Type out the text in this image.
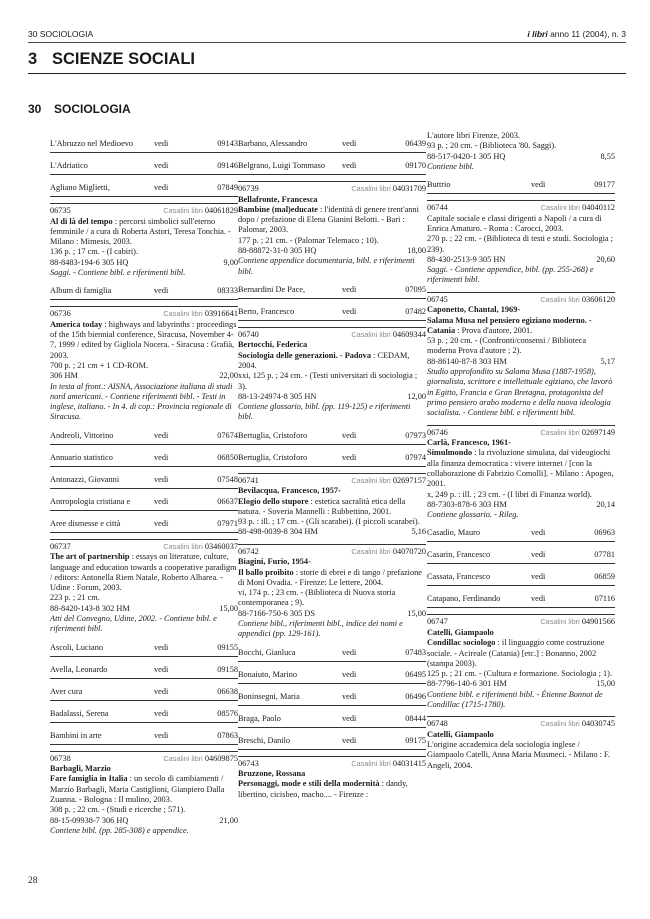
30 SOCIOLOGIA	i libri anno 11 (2004), n. 3
3 SCIENZE SOCIALI
30 SOCIOLOGIA
L'Abruzzo nel Medioevo	vedi	09143
L'Adriatico	vedi	09146
Agliano Miglietti,	vedi	07849
06735	Casalini libri 04061829
Al di là del tempo : percorsi simbolici sull'eterno femminile / a cura di Roberta Astori, Teresa Tonchia. - Milano : Mimesis, 2003.
136 p. ; 17 cm. - (I cabiri).
88-8483-194-6 305 HQ	9,00
Saggi. - Contiene bibl. e riferimenti bibl.
Album di famiglia	vedi	08333
06736	Casalini libri 03916641
America today : highways and labyrinths : proceedings of the 15th biennial conference, Siracusa, November 4-7, 1999 / edited by Gigliola Nocera. - Siracusa : Grafià, 2003.
700 p. ; 21 cm + 1 CD-ROM.
306 HM	22,00
In testa al front.: AISNA, Associazione italiana di studi nord americani. - Contiene riferimenti bibl. - Testi in inglese, italiano. - In 4. di cop.: Provincia regionale di Siracusa.
Andreoli, Vittorino	vedi	07674
Annuario statistico	vedi	06850
Antonazzi, Giovanni	vedi	07548
Antropologia cristiana e	vedi	06637
Aree dismesse e città	vedi	07971
06737	Casalini libri 03460037
The art of partnership : essays on literature, culture, language and education towards a cooperative paradigm / editors: Antonella Riem Natale, Roberto Albarea. - Udine : Forum, 2003.
223 p. ; 21 cm.
88-8420-143-8 302 HM	15,00
Atti del Convegno, Udine, 2002. - Contiene bibl. e riferimenti bibl.
Ascoli, Luciano	vedi	09155
Avella, Leonardo	vedi	09158
Aver cura	vedi	06638
Badalassi, Serena	vedi	08576
Bambini in arte	vedi	07863
06738	Casalini libri 04609875
Barbagli, Marzio
Fare famiglia in Italia : un secolo di cambiamenti / Marzio Barbagli, Maria Castiglioni, Gianpiero Dalla Zuanna. - Bologna : Il mulino, 2003.
308 p. ; 22 cm. - (Studi e ricerche ; 571).
88-15-09938-7 306 HQ	21,00
Contiene bibl. (pp. 285-308) e appendice.
Barbano, Alessandro	vedi	06439
Belgrano, Luigi Tommaso vedi	09170
06739	Casalini libri 04031709
Bellafronte, Francesca
Bambine (mal)educate : l'identità di genere trent'anni dopo / prefazione di Elena Gianini Belotti. - Bari : Palomar, 2003.
177 p. ; 21 cm. - (Palomar Telemaco ; 10).
88-88872-31-0 305 HQ	18,00
Contiene appendice documentaria, bibl. e riferimenti bibl.
Bernardini De Pace,	vedi	07095
Berto, Francesco	vedi	07482
06740	Casalini libri 04609344
Bertocchi, Federica
Sociologia delle generazioni. - Padova : CEDAM, 2004.
xxi, 125 p. ; 24 cm. - (Testi universitari di sociologia ; 3).
88-13-24974-8 305 HN	12,00
Contiene glossario, bibl. (pp. 119-125) e riferimenti bibl.
Bertuglia, Cristoforo	vedi	07973
Bertuglia, Cristoforo	vedi	07974
06741	Casalini libri 02697157
Bevilacqua, Francesco, 1957-
Elogio dello stupore : estetica sacralità etica della natura. - Soveria Mannelli : Rubbettino, 2001.
93 p. : ill. ; 17 cm. - (Gli scarabei). (I piccoli scarabei).
88-498-0039-8 304 HM	5,16
06742	Casalini libri 04070720
Biagini, Furio, 1954-
Il ballo proibito : storie di ebrei e di tango / prefazione di Moni Ovadia. - Firenze: Le lettere, 2004.
vi, 174 p. ; 23 cm. - (Biblioteca di Nuova storia contemporanea ; 9).
88-7166-750-6 305 DS	15,00
Contiene bibl., riferimenti bibl., indice dei nomi e appendici (pp. 129-161).
Bocchi, Gianluca	vedi	07483
Bonaiuto, Marino	vedi	06495
Boninsegni, Maria	vedi	06496
Braga, Paolo	vedi	08444
Breschi, Danilo	vedi	09175
06743	Casalini libri 04031415
Bruzzone, Rossana
Personaggi, mode e stili della modernità : dandy, libertino, cicisbeo, macho.... - Firenze :
L'autore libri Firenze, 2003.
93 p. ; 20 cm. - (Biblioteca '80. Saggi).
88-517-0420-1 305 HQ	8,55
Contiene bibl.
Buttrio	vedi	09177
06744	Casalini libri 04040112
Capitale sociale e classi dirigenti a Napoli / a cura di Enrica Amaturo. - Roma : Carocci, 2003.
270 p. ; 22 cm. - (Biblioteca di testi e studi. Sociologia ; 239).
88-430-2513-9 305 HN	20,60
Saggi. - Contiene appendice, bibl. (pp. 255-268) e riferimenti bibl.
06745	Casalini libri 03606120
Caponetto, Chantal, 1969-
Salama Musa nel pensiero egiziano moderno. - Catania : Prova d'autore, 2001.
53 p. ; 20 cm. - (Confronti/consensi / Biblioteca moderna Prova d'autore ; 2).
88-86140-87-8 303 HM	5,17
Studio approfondito su Salama Musa (1887-1958), giornalista, scrittore e intellettuale egiziano, che lavorò in Egitto, Francia e Gran Bretagna, protagonista del primo pensiero arabo moderno e della nuova ideologia socialista. - Contiene bibl. e riferimenti bibl.
06746	Casalini libri 02697149
Carlà, Francesco, 1961-
Simulmondo : la rivoluzione simulata, dai videogiochi alla finanza democratica : vivere internet / [con la collaborazione di Fabrizio Comolli]. - Milano : Apogeo, 2001.
x, 249 p. : ill. ; 23 cm. - (I libri di Finanza world).
88-7303-878-6 303 HM	20,14
Contiene glossario. - Rileg.
Casadio, Mauro	vedi	06963
Casarin, Francesco	vedi	07781
Cassata, Francesco	vedi	06859
Catapano, Ferdinando	vedi	07116
06747	Casalini libri 04901566
Catelli, Giampaolo
Condillac sociologo : il linguaggio come costruzione sociale. - Acireale (Catania) [etc.] : Bonanno, 2002 (stampa 2003).
125 p. ; 21 cm. - (Cultura e formazione. Sociologia ; 1).
88-7796-140-6 301 HM	15,00
Contiene bibl. e riferimenti bibl. - Étienne Bonnot de Condillac (1715-1780).
06748	Casalini libri 04030745
Catelli, Giampaolo
L'origine accademica dela sociologia inglese / Giampaolo Catelli, Anna Maria Musmeci. - Milano : F. Angeli, 2004.
28
